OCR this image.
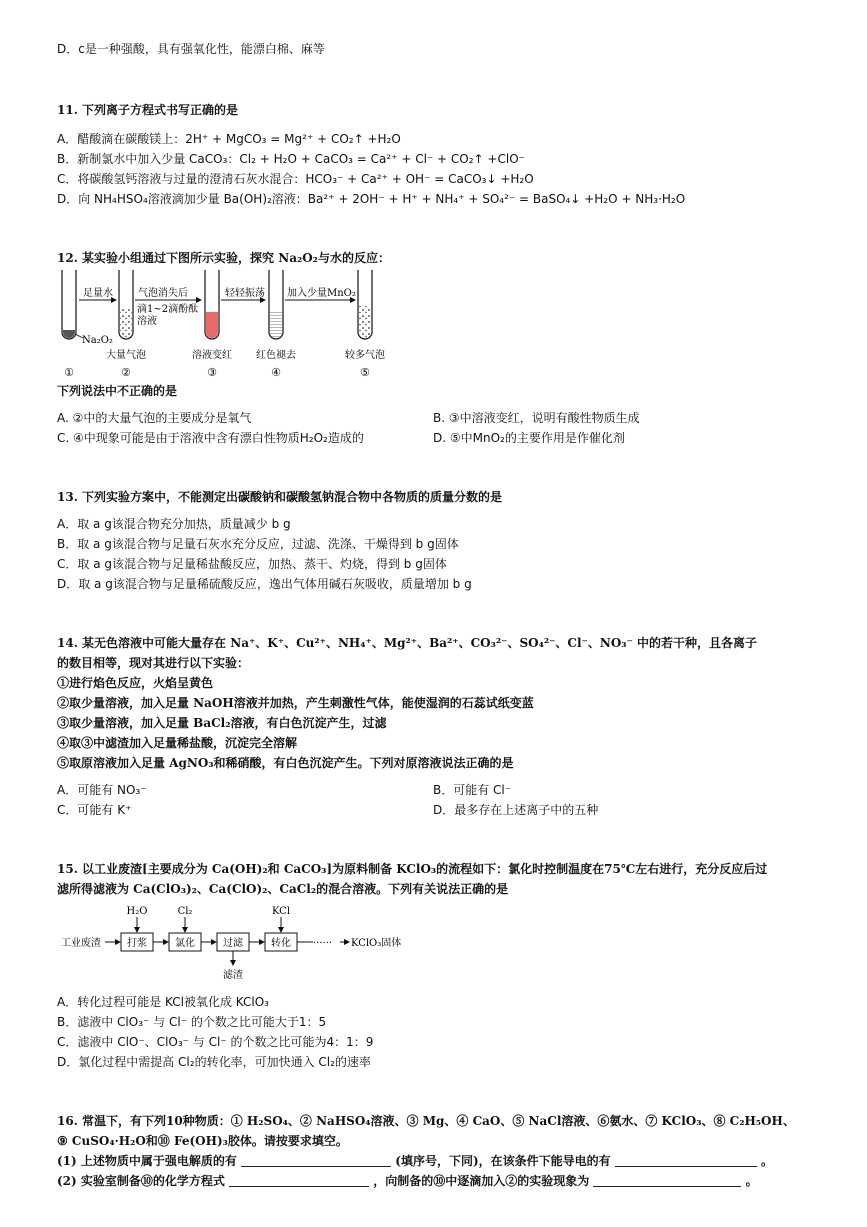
D．c是一种强酸，具有强氧化性，能漂白棉、麻等
11. 下列离子方程式书写正确的是
A．醋酸滴在碳酸镁上：2H⁺ + MgCO₃ = Mg²⁺ + CO₂↑ +H₂O
B．新制氯水中加入少量 CaCO₃：Cl₂ + H₂O + CaCO₃ = Ca²⁺ + Cl⁻ + CO₂↑ +ClO⁻
C．将碳酸氢钙溶液与过量的澄清石灰水混合：HCO₃⁻ + Ca²⁺ + OH⁻ = CaCO₃↓ +H₂O
D．向 NH₄HSO₄溶液滴加少量 Ba(OH)₂溶液：Ba²⁺ + 2OH⁻ + H⁺ + NH₄⁺ + SO₄²⁻ = BaSO₄↓ +H₂O + NH₃·H₂O
12. 某实验小组通过下图所示实验，探究 Na₂O₂与水的反应：
Na₂O₂
足量水
大量气泡
气泡消失后
滴1~2滴酚酞
溶液
溶液变红
轻轻振荡
红色褪去
加入少量MnO₂
较多气泡
①	②	③	④	⑤
下列说法中不正确的是
A. ②中的大量气泡的主要成分是氧气	B. ③中溶液变红，说明有酸性物质生成
C. ④中现象可能是由于溶液中含有漂白性物质H₂O₂造成的	D. ⑤中MnO₂的主要作用是作催化剂
13. 下列实验方案中，不能测定出碳酸钠和碳酸氢钠混合物中各物质的质量分数的是
A．取 a g该混合物充分加热，质量减少 b g
B．取 a g该混合物与足量石灰水充分反应，过滤、洗涤、干燥得到 b g固体
C．取 a g该混合物与足量稀盐酸反应，加热、蒸干、灼烧，得到 b g固体
D．取 a g该混合物与足量稀硫酸反应，逸出气体用碱石灰吸收，质量增加 b g
14. 某无色溶液中可能大量存在 Na⁺、K⁺、Cu²⁺、NH₄⁺、Mg²⁺、Ba²⁺、CO₃²⁻、SO₄²⁻、Cl⁻、NO₃⁻ 中的若干种，且各离子
的数目相等，现对其进行以下实验：
①进行焰色反应，火焰呈黄色
②取少量溶液，加入足量 NaOH溶液并加热，产生刺激性气体，能使湿润的石蕊试纸变蓝
③取少量溶液，加入足量 BaCl₂溶液，有白色沉淀产生，过滤
④取③中滤渣加入足量稀盐酸，沉淀完全溶解
⑤取原溶液加入足量 AgNO₃和稀硝酸，有白色沉淀产生。下列对原溶液说法正确的是
A．可能有 NO₃⁻	B．可能有 Cl⁻
C．可能有 K⁺	D．最多存在上述离子中的五种
15. 以工业废渣[主要成分为 Ca(OH)₂和 CaCO₃]为原料制备 KClO₃的流程如下：氯化时控制温度在75℃左右进行，充分反应后过
滤所得滤液为 Ca(ClO₃)₂、Ca(ClO)₂、CaCl₂的混合溶液。下列有关说法正确的是
工业废渣	打浆	氯化	过滤	转化 ······ KClO₃固体
H₂O	Cl₂	KCl
滤渣
A．转化过程可能是 KCl被氧化成 KClO₃
B．滤液中 ClO₃⁻ 与 Cl⁻ 的个数之比可能大于1：5
C．滤液中 ClO⁻、ClO₃⁻ 与 Cl⁻ 的个数之比可能为4：1：9
D．氯化过程中需提高 Cl₂的转化率，可加快通入 Cl₂的速率
16. 常温下，有下列10种物质：① H₂SO₄、② NaHSO₄溶液、③ Mg、④ CaO、⑤ NaCl溶液、⑥氨水、⑦ KClO₃、⑧ C₂H₅OH、
⑨ CuSO₄·H₂O和⑩ Fe(OH)₃胶体。请按要求填空。
(1) 上述物质中属于强电解质的有	(填序号，下同)，在该条件下能导电的有	。
(2) 实验室制备⑩的化学方程式	，向制备的⑩中逐滴加入②的实验现象为	。
